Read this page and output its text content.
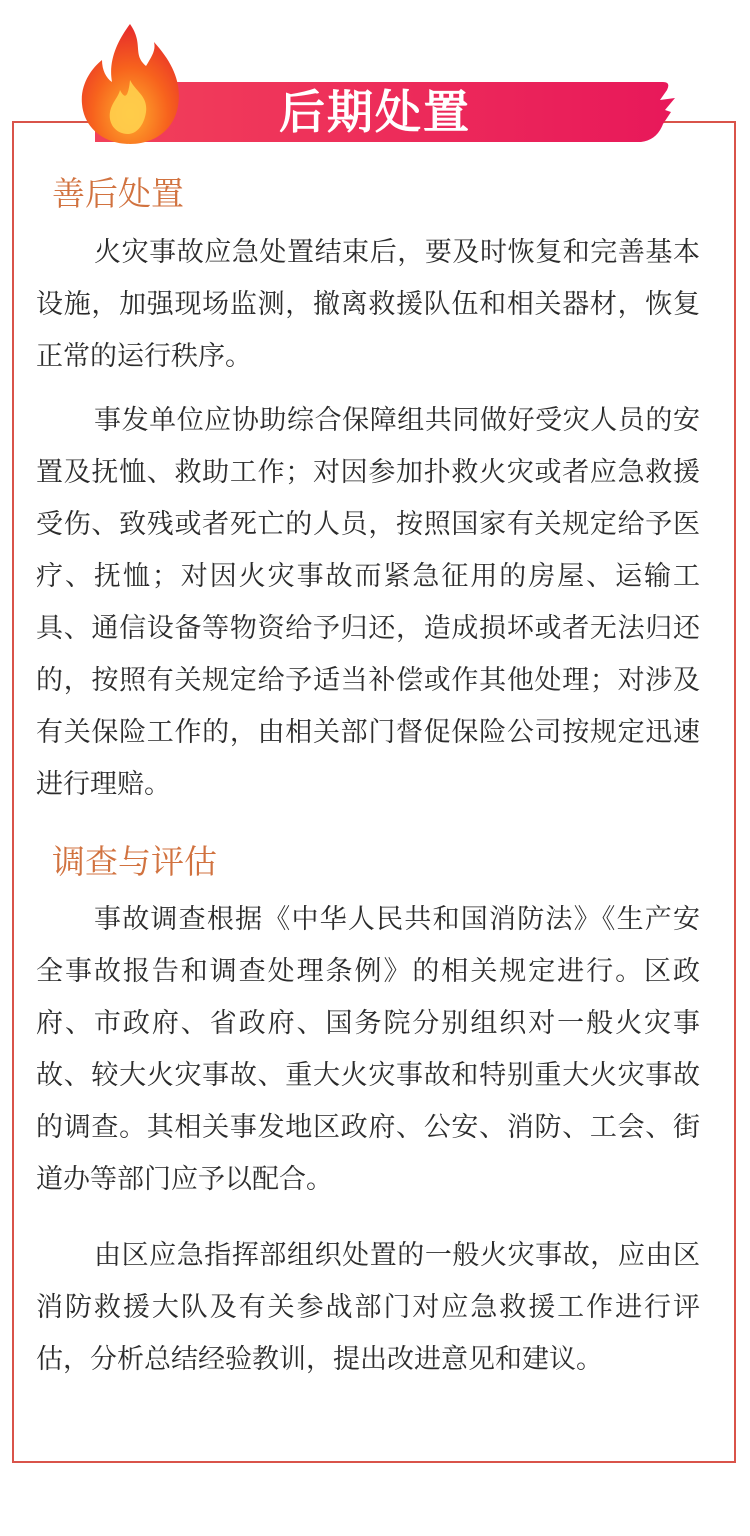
后期处置
善后处置

火灾事故应急处置结束后，要及时恢复和完善基本设施，加强现场监测，撤离救援队伍和相关器材，恢复正常的运行秩序。

事发单位应协助综合保障组共同做好受灾人员的安置及抚恤、救助工作；对因参加扑救火灾或者应急救援受伤、致残或者死亡的人员，按照国家有关规定给予医疗、抚恤；对因火灾事故而紧急征用的房屋、运输工具、通信设备等物资给予归还，造成损坏或者无法归还的，按照有关规定给予适当补偿或作其他处理；对涉及有关保险工作的，由相关部门督促保险公司按规定迅速进行理赔。

调查与评估

事故调查根据《中华人民共和国消防法》《生产安全事故报告和调查处理条例》的相关规定进行。区政府、市政府、省政府、国务院分别组织对一般火灾事故、较大火灾事故、重大火灾事故和特别重大火灾事故的调查。其相关事发地区政府、公安、消防、工会、街道办等部门应予以配合。

由区应急指挥部组织处置的一般火灾事故，应由区消防救援大队及有关参战部门对应急救援工作进行评估，分析总结经验教训，提出改进意见和建议。
